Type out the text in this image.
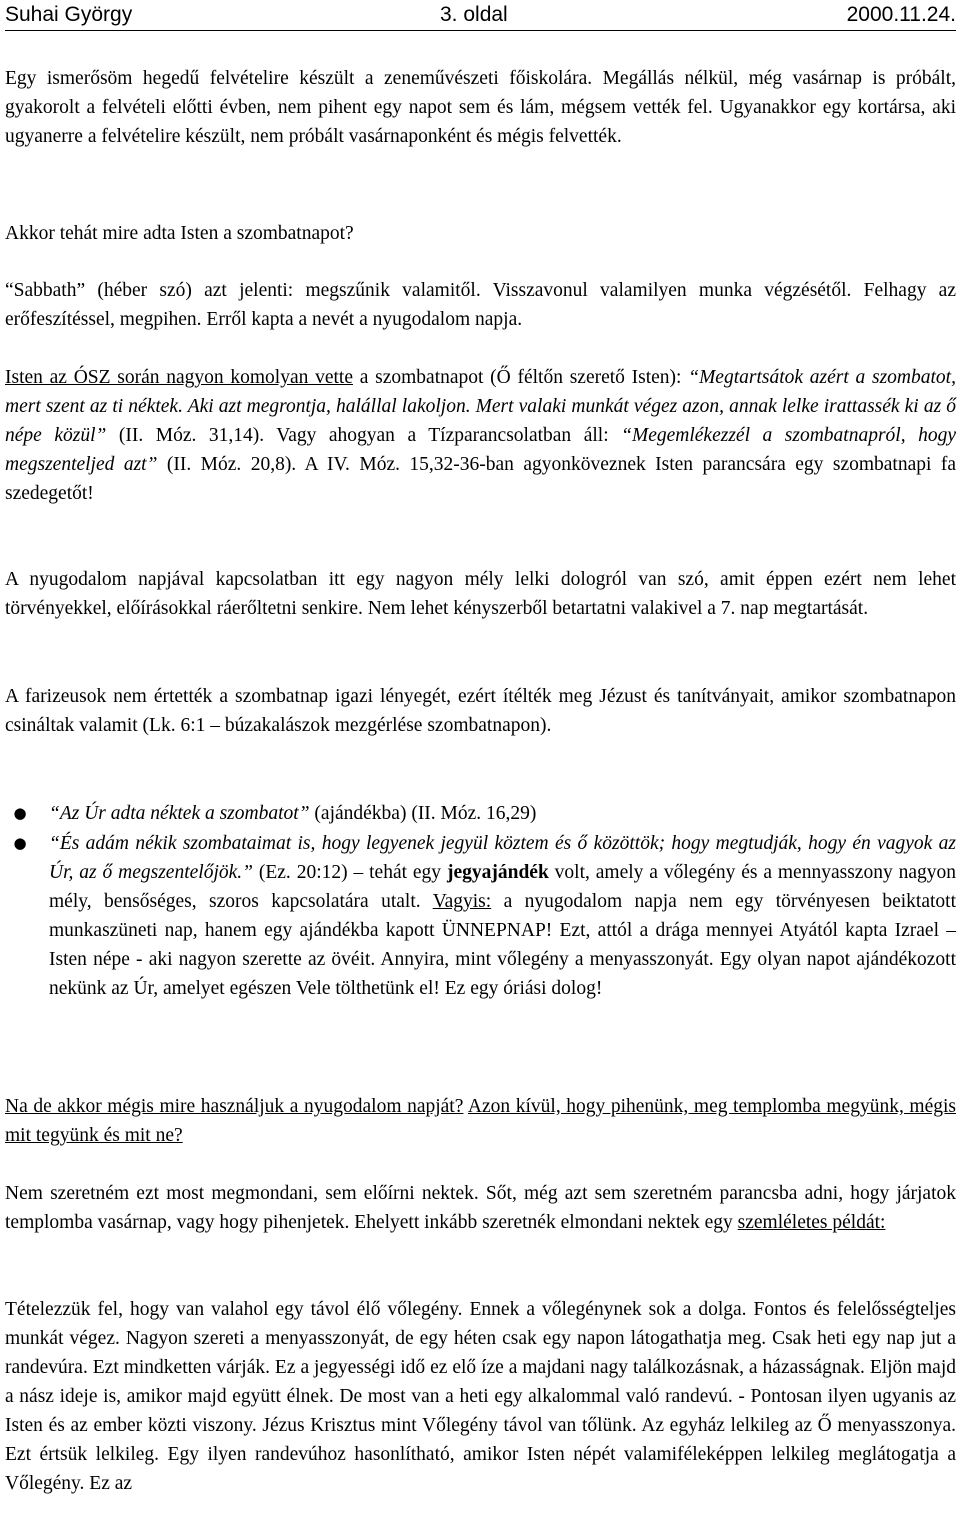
Suhai György	3. oldal	2000.11.24.

Egy ismerősöm hegedű felvételire készült a zeneművészeti főiskolára. Megállás nélkül, még vasárnap is próbált, gyakorolt a felvételi előtti évben, nem pihent egy napot sem és lám, mégsem vették fel. Ugyanakkor egy kortársa, aki ugyanerre a felvételire készült, nem próbált vasárnaponként és mégis felvették.

Akkor tehát mire adta Isten a szombatnapot?

“Sabbath” (héber szó) azt jelenti: megszűnik valamitől. Visszavonul valamilyen munka végzésétől. Felhagy az erőfeszítéssel, megpihen. Erről kapta a nevét a nyugodalom napja.

Isten az ÓSZ során nagyon komolyan vette a szombatnapot (Ő féltőn szerető Isten): “Megtartsátok azért a szombatot, mert szent az ti néktek. Aki azt megrontja, halállal lakoljon. Mert valaki munkát végez azon, annak lelke irattassék ki az ő népe közül” (II. Móz. 31,14). Vagy ahogyan a Tízparancsolatban áll: “Megemlékezzél a szombatnapról, hogy megszenteljed azt” (II. Móz. 20,8). A IV. Móz. 15,32-36-ban agyonköveznek Isten parancsára egy szombatnapi fa szedegetőt!

A nyugodalom napjával kapcsolatban itt egy nagyon mély lelki dologról van szó, amit éppen ezért nem lehet törvényekkel, előírásokkal ráerőltetni senkire. Nem lehet kényszerből betartatni valakivel a 7. nap megtartását.

A farizeusok nem értették a szombatnap igazi lényegét, ezért ítélték meg Jézust és tanítványait, amikor szombatnapon csináltak valamit (Lk. 6:1 – búzakalászok mezgérlése szombatnapon).

● “Az Úr adta néktek a szombatot” (ajándékba) (II. Móz. 16,29)
● “És adám nékik szombataimat is, hogy legyenek jegyül köztem és ő közöttök; hogy megtudják, hogy én vagyok az Úr, az ő megszentelőjök.” (Ez. 20:12) – tehát egy jegyajándék volt, amely a vőlegény és a mennyasszony nagyon mély, bensőséges, szoros kapcsolatára utalt. Vagyis: a nyugodalom napja nem egy törvényesen beiktatott munkaszüneti nap, hanem egy ajándékba kapott ÜNNEPNAP! Ezt, attól a drága mennyei Atyától kapta Izrael – Isten népe - aki nagyon szerette az övéit. Annyira, mint vőlegény a menyasszonyát. Egy olyan napot ajándékozott nekünk az Úr, amelyet egészen Vele tölthetünk el! Ez egy óriási dolog!

Na de akkor mégis mire használjuk a nyugodalom napját? Azon kívül, hogy pihenünk, meg templomba megyünk, mégis mit tegyünk és mit ne?

Nem szeretném ezt most megmondani, sem előírni nektek. Sőt, még azt sem szeretném parancsba adni, hogy járjatok templomba vasárnap, vagy hogy pihenjetek. Ehelyett inkább szeretnék elmondani nektek egy szemléletes példát:

Tételezzük fel, hogy van valahol egy távol élő vőlegény. Ennek a vőlegénynek sok a dolga. Fontos és felelősségteljes munkát végez. Nagyon szereti a menyasszonyát, de egy héten csak egy napon látogathatja meg. Csak heti egy nap jut a randevúra. Ezt mindketten várják. Ez a jegyességi idő ez elő íze a majdani nagy találkozásnak, a házasságnak. Eljön majd a nász ideje is, amikor majd együtt élnek. De most van a heti egy alkalommal való randevú. - Pontosan ilyen ugyanis az Isten és az ember közti viszony. Jézus Krisztus mint Vőlegény távol van tőlünk. Az egyház lelkileg az Ő menyasszonya. Ezt értsük lelkileg. Egy ilyen randevúhoz hasonlítható, amikor Isten népét valamiféleképpen lelkileg meglátogatja a Vőlegény. Ez az
